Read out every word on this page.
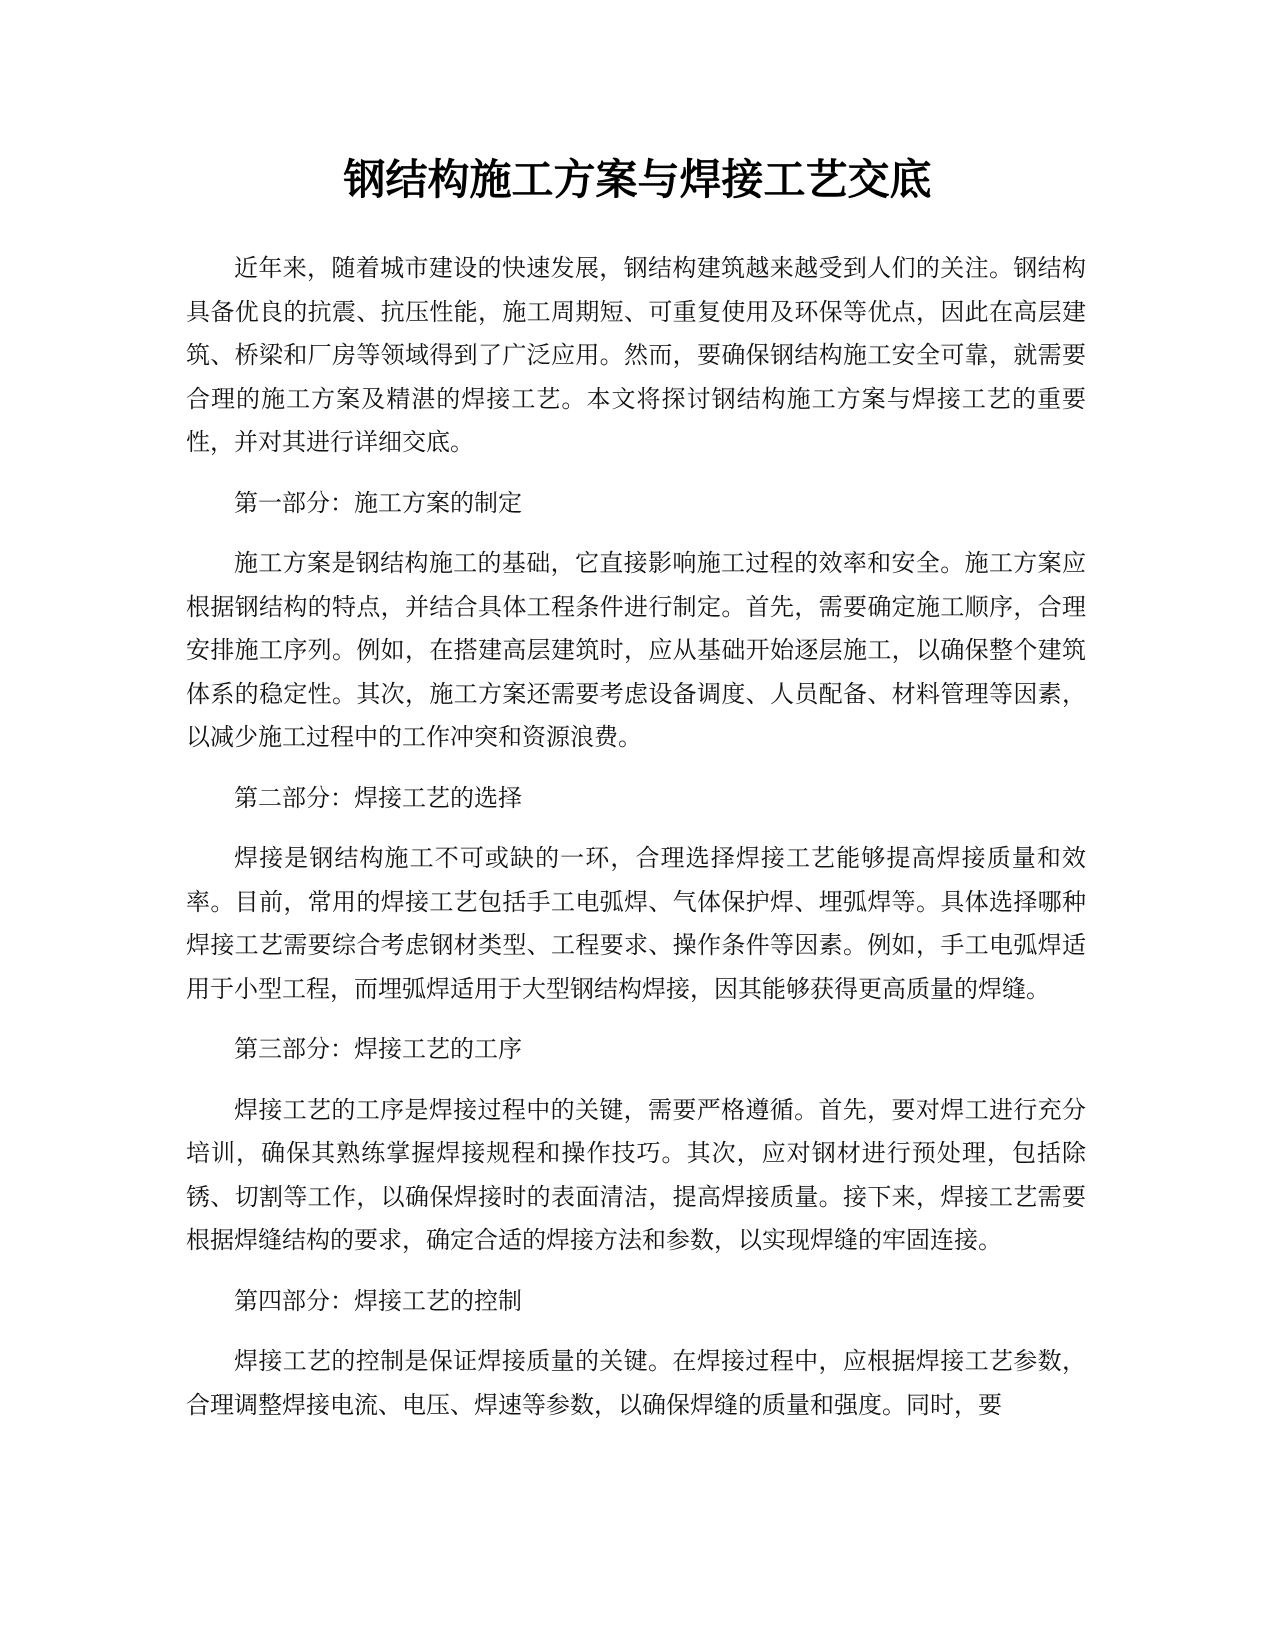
钢结构施工方案与焊接工艺交底

近年来，随着城市建设的快速发展，钢结构建筑越来越受到人们的关注。钢结构具备优良的抗震、抗压性能，施工周期短、可重复使用及环保等优点，因此在高层建筑、桥梁和厂房等领域得到了广泛应用。然而，要确保钢结构施工安全可靠，就需要合理的施工方案及精湛的焊接工艺。本文将探讨钢结构施工方案与焊接工艺的重要性，并对其进行详细交底。

第一部分：施工方案的制定

施工方案是钢结构施工的基础，它直接影响施工过程的效率和安全。施工方案应根据钢结构的特点，并结合具体工程条件进行制定。首先，需要确定施工顺序，合理安排施工序列。例如，在搭建高层建筑时，应从基础开始逐层施工，以确保整个建筑体系的稳定性。其次，施工方案还需要考虑设备调度、人员配备、材料管理等因素，以减少施工过程中的工作冲突和资源浪费。

第二部分：焊接工艺的选择

焊接是钢结构施工不可或缺的一环，合理选择焊接工艺能够提高焊接质量和效率。目前，常用的焊接工艺包括手工电弧焊、气体保护焊、埋弧焊等。具体选择哪种焊接工艺需要综合考虑钢材类型、工程要求、操作条件等因素。例如，手工电弧焊适用于小型工程，而埋弧焊适用于大型钢结构焊接，因其能够获得更高质量的焊缝。

第三部分：焊接工艺的工序

焊接工艺的工序是焊接过程中的关键，需要严格遵循。首先，要对焊工进行充分培训，确保其熟练掌握焊接规程和操作技巧。其次，应对钢材进行预处理，包括除锈、切割等工作，以确保焊接时的表面清洁，提高焊接质量。接下来，焊接工艺需要根据焊缝结构的要求，确定合适的焊接方法和参数，以实现焊缝的牢固连接。

第四部分：焊接工艺的控制

焊接工艺的控制是保证焊接质量的关键。在焊接过程中，应根据焊接工艺参数，合理调整焊接电流、电压、焊速等参数，以确保焊缝的质量和强度。同时，要
